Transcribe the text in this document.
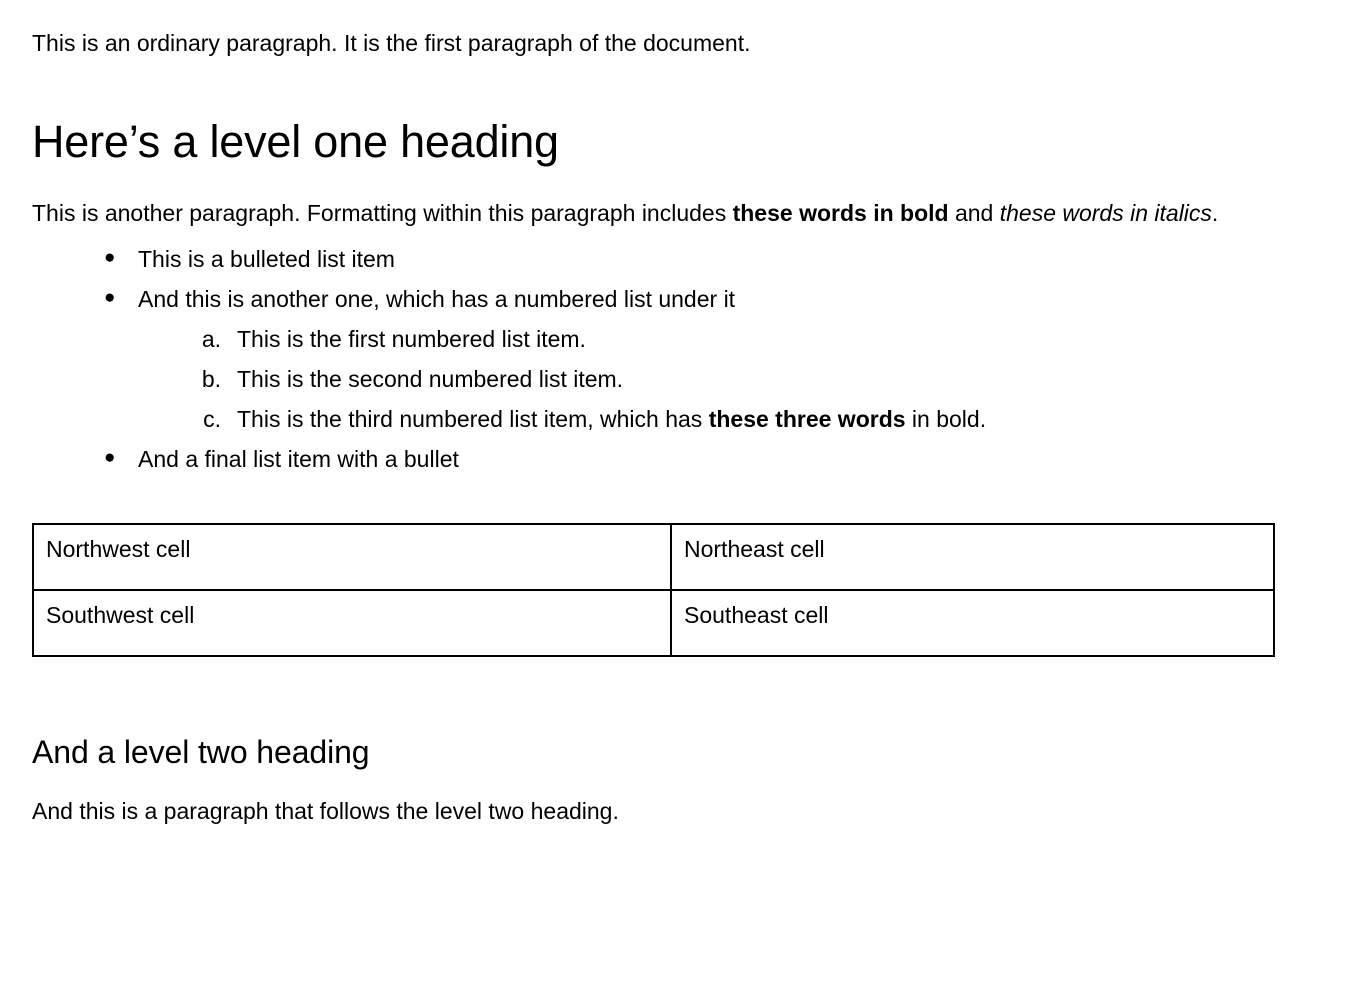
This is an ordinary paragraph. It is the first paragraph of the document.

Here’s a level one heading

This is another paragraph. Formatting within this paragraph includes these words in bold and these words in italics.

● This is a bulleted list item
● And this is another one, which has a numbered list under it
a. This is the first numbered list item.
b. This is the second numbered list item.
c. This is the third numbered list item, which has these three words in bold.
● And a final list item with a bullet
Northwest cell	Northeast cell
Southwest cell	Southeast cell
And a level two heading

And this is a paragraph that follows the level two heading.
